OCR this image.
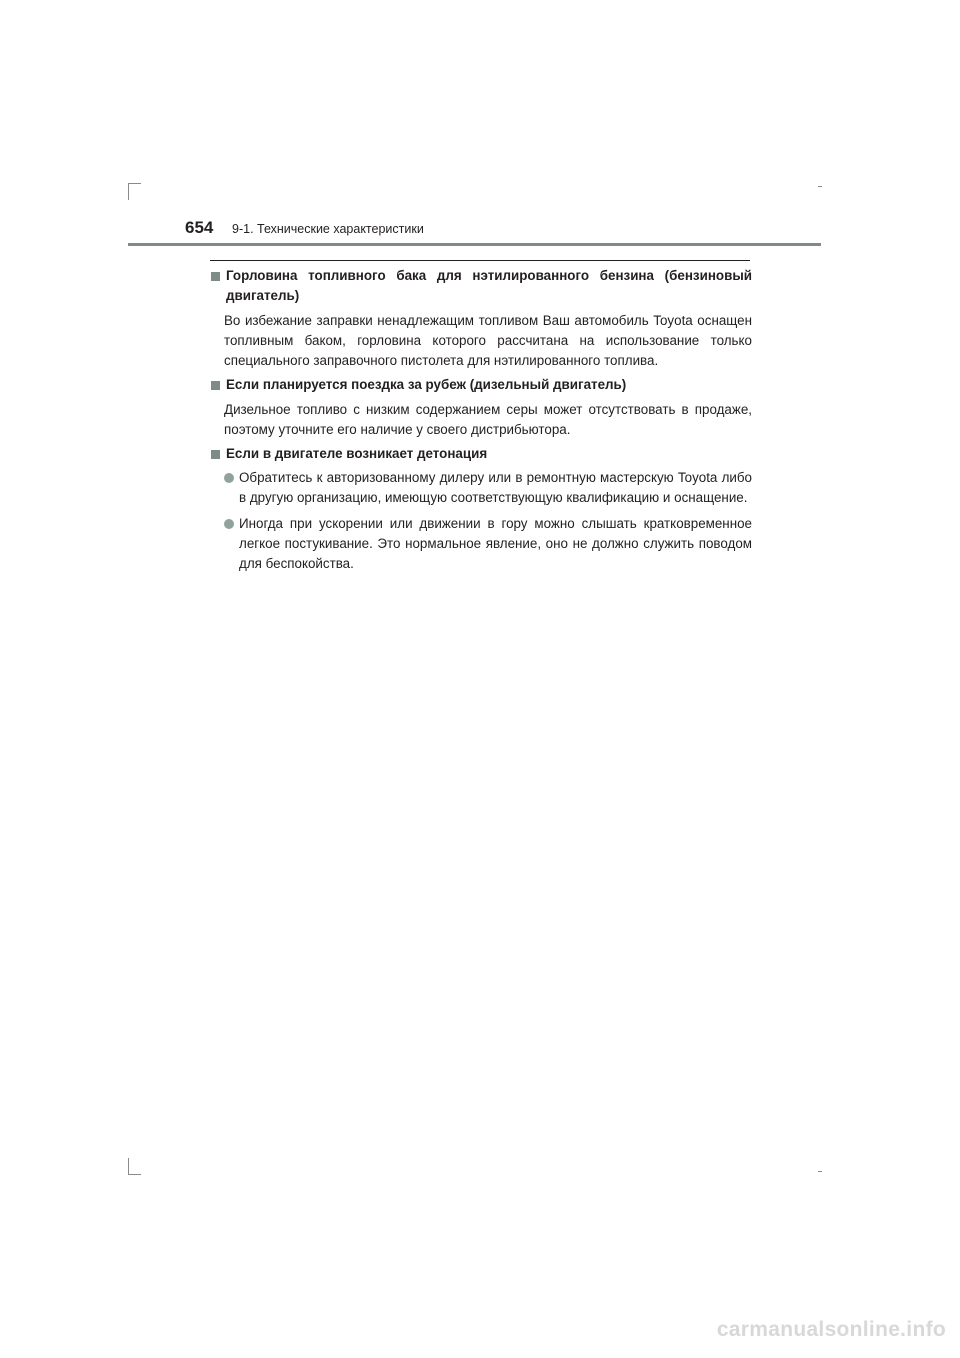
654 9-1. Технические характеристики
Горловина топливного бака для нэтилированного бензина (бензиновый двигатель)
Во избежание заправки ненадлежащим топливом Ваш автомобиль Toyota оснащен топливным баком, горловина которого рассчитана на использование только специального заправочного пистолета для нэтилированного топлива.
Если планируется поездка за рубеж (дизельный двигатель)
Дизельное топливо с низким содержанием серы может отсутствовать в продаже, поэтому уточните его наличие у своего дистрибьютора.
Если в двигателе возникает детонация
Обратитесь к авторизованному дилеру или в ремонтную мастерскую Toyota либо в другую организацию, имеющую соответствующую квалификацию и оснащение.
Иногда при ускорении или движении в гору можно слышать кратковременное легкое постукивание. Это нормальное явление, оно не должно служить поводом для беспокойства.
carmanualsonline.info
